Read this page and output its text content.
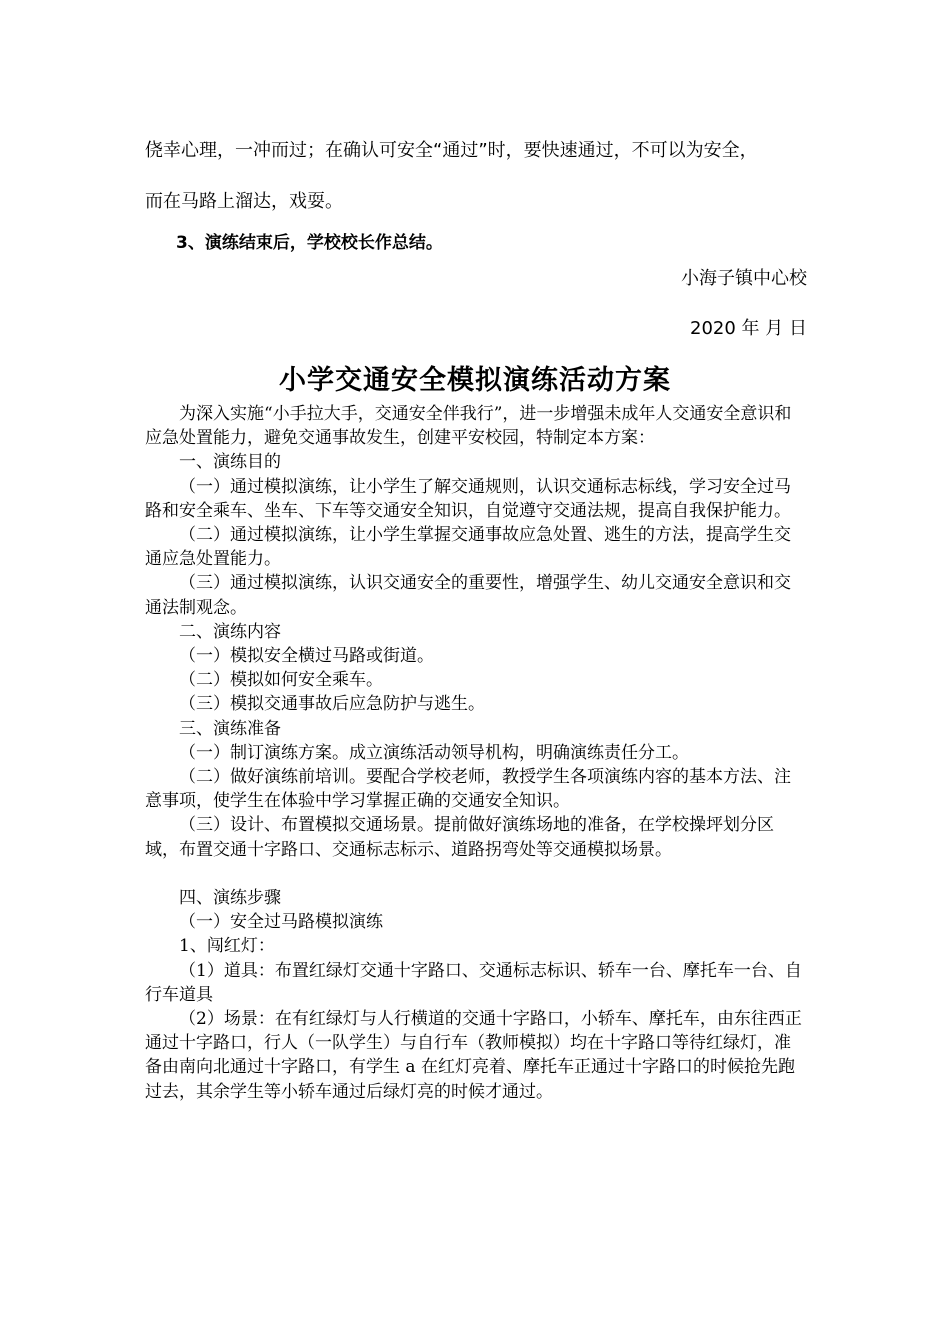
侥幸心理，一冲而过；在确认可安全“通过”时，要快速通过，不可以为安全，
而在马路上溜达，戏耍。
3、演练结束后，学校校长作总结。
小海子镇中心校
2020 年 月 日
小学交通安全模拟演练活动方案

为深入实施“小手拉大手，交通安全伴我行”，进一步增强未成年人交通安全意识和应急处置能力，避免交通事故发生，创建平安校园，特制定本方案：

一、演练目的

（一）通过模拟演练，让小学生了解交通规则，认识交通标志标线，学习安全过马路和安全乘车、坐车、下车等交通安全知识，自觉遵守交通法规，提高自我保护能力。

（二）通过模拟演练，让小学生掌握交通事故应急处置、逃生的方法，提高学生交通应急处置能力。

（三）通过模拟演练，认识交通安全的重要性，增强学生、幼儿交通安全意识和交通法制观念。

二、演练内容

（一）模拟安全横过马路或街道。

（二）模拟如何安全乘车。

（三）模拟交通事故后应急防护与逃生。

三、演练准备

（一）制订演练方案。成立演练活动领导机构，明确演练责任分工。

（二）做好演练前培训。要配合学校老师，教授学生各项演练内容的基本方法、注意事项，使学生在体验中学习掌握正确的交通安全知识。

（三）设计、布置模拟交通场景。提前做好演练场地的准备，在学校操坪划分区域，布置交通十字路口、交通标志标示、道路拐弯处等交通模拟场景。

四、演练步骤

（一）安全过马路模拟演练

1、闯红灯：

（1）道具：布置红绿灯交通十字路口、交通标志标识、轿车一台、摩托车一台、自行车道具

（2）场景：在有红绿灯与人行横道的交通十字路口，小轿车、摩托车，由东往西正通过十字路口，行人（一队学生）与自行车（教师模拟）均在十字路口等待红绿灯，准备由南向北通过十字路口，有学生 a 在红灯亮着、摩托车正通过十字路口的时候抢先跑过去，其余学生等小轿车通过后绿灯亮的时候才通过。
